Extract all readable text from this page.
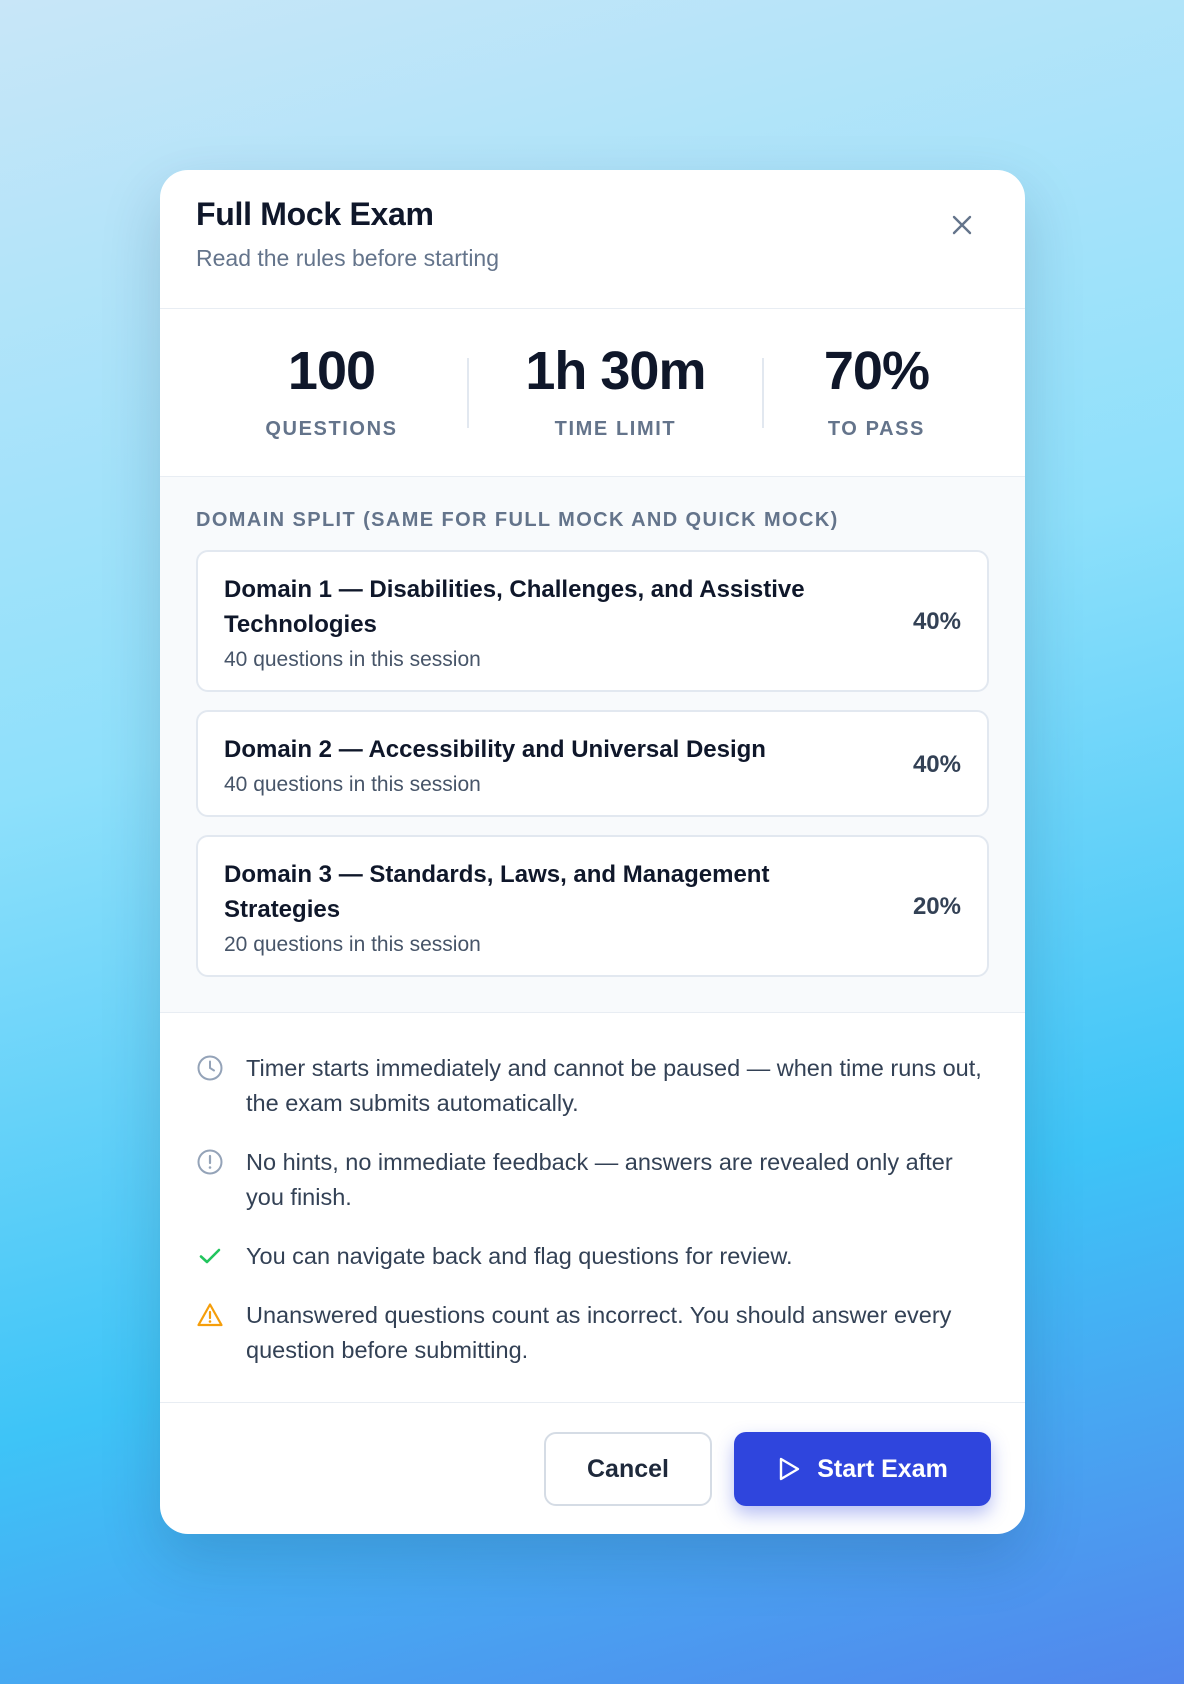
Full Mock Exam

Read the rules before starting

100
QUESTIONS
1h 30m
TIME LIMIT
70%
TO PASS
DOMAIN SPLIT (SAME FOR FULL MOCK AND QUICK MOCK)
Domain 1 — Disabilities, Challenges, and Assistive Technologies
40 questions in this session
40%
Domain 2 — Accessibility and Universal Design
40 questions in this session
40%
Domain 3 — Standards, Laws, and Management Strategies
20 questions in this session
20%
Timer starts immediately and cannot be paused — when time runs out, the exam submits automatically.
No hints, no immediate feedback — answers are revealed only after you finish.
You can navigate back and flag questions for review.
Unanswered questions count as incorrect. You should answer every question before submitting.
Cancel	Start Exam
